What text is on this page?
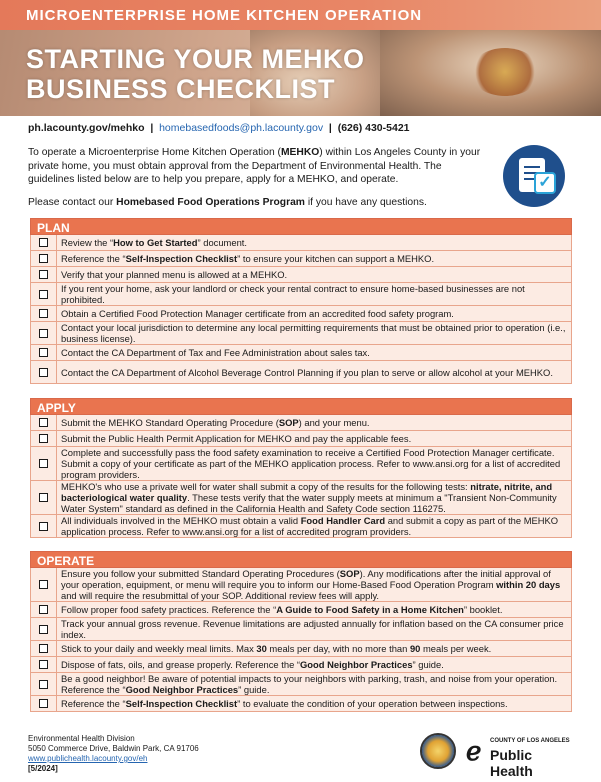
MICROENTERPRISE HOME KITCHEN OPERATION
STARTING YOUR MEHKO BUSINESS CHECKLIST
ph.lacounty.gov/mehko  |  homebasedfoods@ph.lacounty.gov  |  (626) 430-5421

To operate a Microenterprise Home Kitchen Operation (MEHKO) within Los Angeles County in your private home, you must obtain approval from the Department of Environmental Health. The guidelines listed below are to help you prepare, apply for a MEHKO, and operate.

Please contact our Homebased Food Operations Program if you have any questions.

✓
PLAN
Review the “How to Get Started” document.
Reference the “Self-Inspection Checklist” to ensure your kitchen can support a MEHKO.
Verify that your planned menu is allowed at a MEHKO.
If you rent your home, ask your landlord or check your rental contract to ensure home-based businesses are not prohibited.
Obtain a Certified Food Protection Manager certificate from an accredited food safety program.
Contact your local jurisdiction to determine any local permitting requirements that must be obtained prior to operation (i.e., business license).
Contact the CA Department of Tax and Fee Administration about sales tax.
Contact the CA Department of Alcohol Beverage Control Planning if you plan to serve or allow alcohol at your MEHKO.
APPLY
Submit the MEHKO Standard Operating Procedure (SOP) and your menu.
Submit the Public Health Permit Application for MEHKO and pay the applicable fees.
Complete and successfully pass the food safety examination to receive a Certified Food Protection Manager certificate. Submit a copy of your certificate as part of the MEHKO application process. Refer to www.ansi.org for a list of accredited program providers.
MEHKO's who use a private well for water shall submit a copy of the results for the following tests: nitrate, nitrite, and bacteriological water quality. These tests verify that the water supply meets at minimum a "Transient Non-Community Water System" standard as defined in the California Health and Safety Code section 116275.
All individuals involved in the MEHKO must obtain a valid Food Handler Card and submit a copy as part of the MEHKO application process. Refer to www.ansi.org for a list of accredited program providers.
OPERATE
Ensure you follow your submitted Standard Operating Procedures (SOP). Any modifications after the initial approval of your operation, equipment, or menu will require you to inform our Home-Based Food Operation Program within 20 days and will require the resubmittal of your SOP. Additional review fees will apply.
Follow proper food safety practices. Reference the “A Guide to Food Safety in a Home Kitchen” booklet.
Track your annual gross revenue. Revenue limitations are adjusted annually for inflation based on the CA consumer price index.
Stick to your daily and weekly meal limits. Max 30 meals per day, with no more than 90 meals per week.
Dispose of fats, oils, and grease properly. Reference the “Good Neighbor Practices” guide.
Be a good neighbor! Be aware of potential impacts to your neighbors with parking, trash, and noise from your operation. Reference the “Good Neighbor Practices” guide.
Reference the “Self-Inspection Checklist” to evaluate the condition of your operation between inspections.
Environmental Health Division
5050 Commerce Drive, Baldwin Park, CA 91706
www.publichealth.lacounty.gov/eh
[5/2024]
ℯ	COUNTY OF LOS ANGELES
Public Health
